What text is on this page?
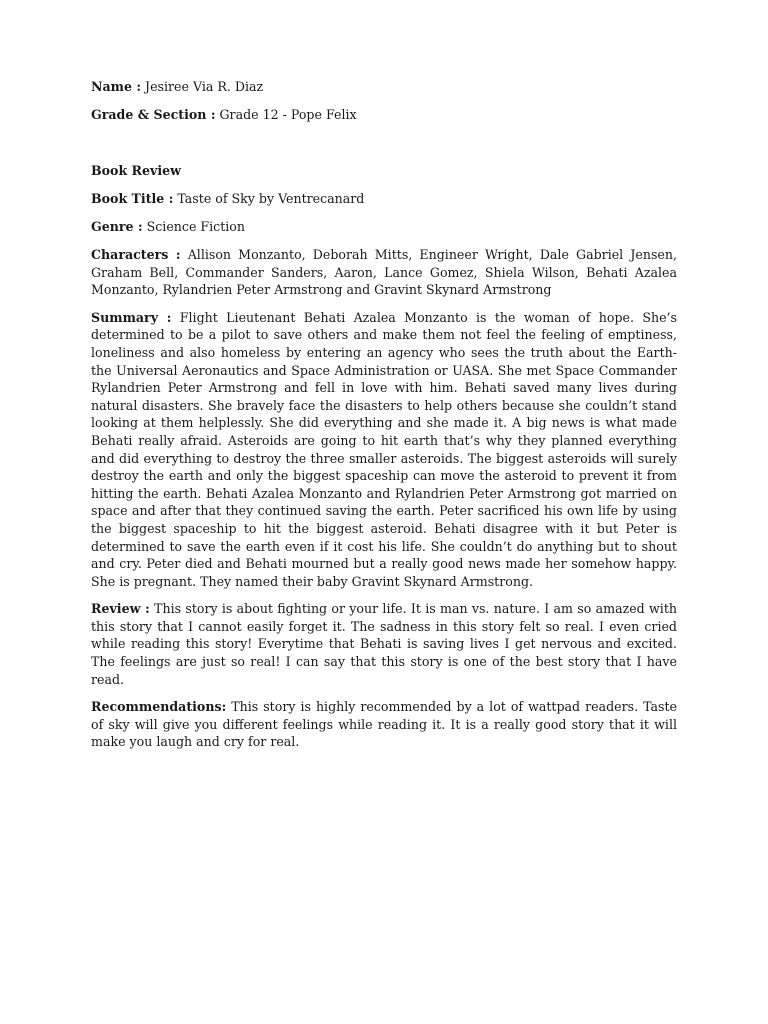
Name : Jesiree Via R. Diaz

Grade & Section : Grade 12 - Pope Felix

Book Review

Book Title : Taste of Sky by Ventrecanard

Genre : Science Fiction

Characters : Allison Monzanto, Deborah Mitts, Engineer Wright, Dale Gabriel Jensen, Graham Bell, Commander Sanders, Aaron, Lance Gomez, Shiela Wilson, Behati Azalea Monzanto, Rylandrien Peter Armstrong and Gravint Skynard Armstrong

Summary : Flight Lieutenant Behati Azalea Monzanto is the woman of hope. She’s determined to be a pilot to save others and make them not feel the feeling of emptiness, loneliness and also homeless by entering an agency who sees the truth about the Earth- the Universal Aeronautics and Space Administration or UASA. She met Space Commander Rylandrien Peter Armstrong and fell in love with him. Behati saved many lives during natural disasters. She bravely face the disasters to help others because she couldn’t stand looking at them helplessly. She did everything and she made it. A big news is what made Behati really afraid. Asteroids are going to hit earth that’s why they planned everything and did everything to destroy the three smaller asteroids. The biggest asteroids will surely destroy the earth and only the biggest spaceship can move the asteroid to prevent it from hitting the earth. Behati Azalea Monzanto and Rylandrien Peter Armstrong got married on space and after that they continued saving the earth. Peter sacrificed his own life by using the biggest spaceship to hit the biggest asteroid. Behati disagree with it but Peter is determined to save the earth even if it cost his life. She couldn’t do anything but to shout and cry. Peter died and Behati mourned but a really good news made her somehow happy. She is pregnant. They named their baby Gravint Skynard Armstrong.

Review : This story is about fighting or your life. It is man vs. nature. I am so amazed with this story that I cannot easily forget it. The sadness in this story felt so real. I even cried while reading this story! Everytime that Behati is saving lives I get nervous and excited. The feelings are just so real! I can say that this story is one of the best story that I have read.

Recommendations: This story is highly recommended by a lot of wattpad readers. Taste of sky will give you different feelings while reading it. It is a really good story that it will make you laugh and cry for real.
